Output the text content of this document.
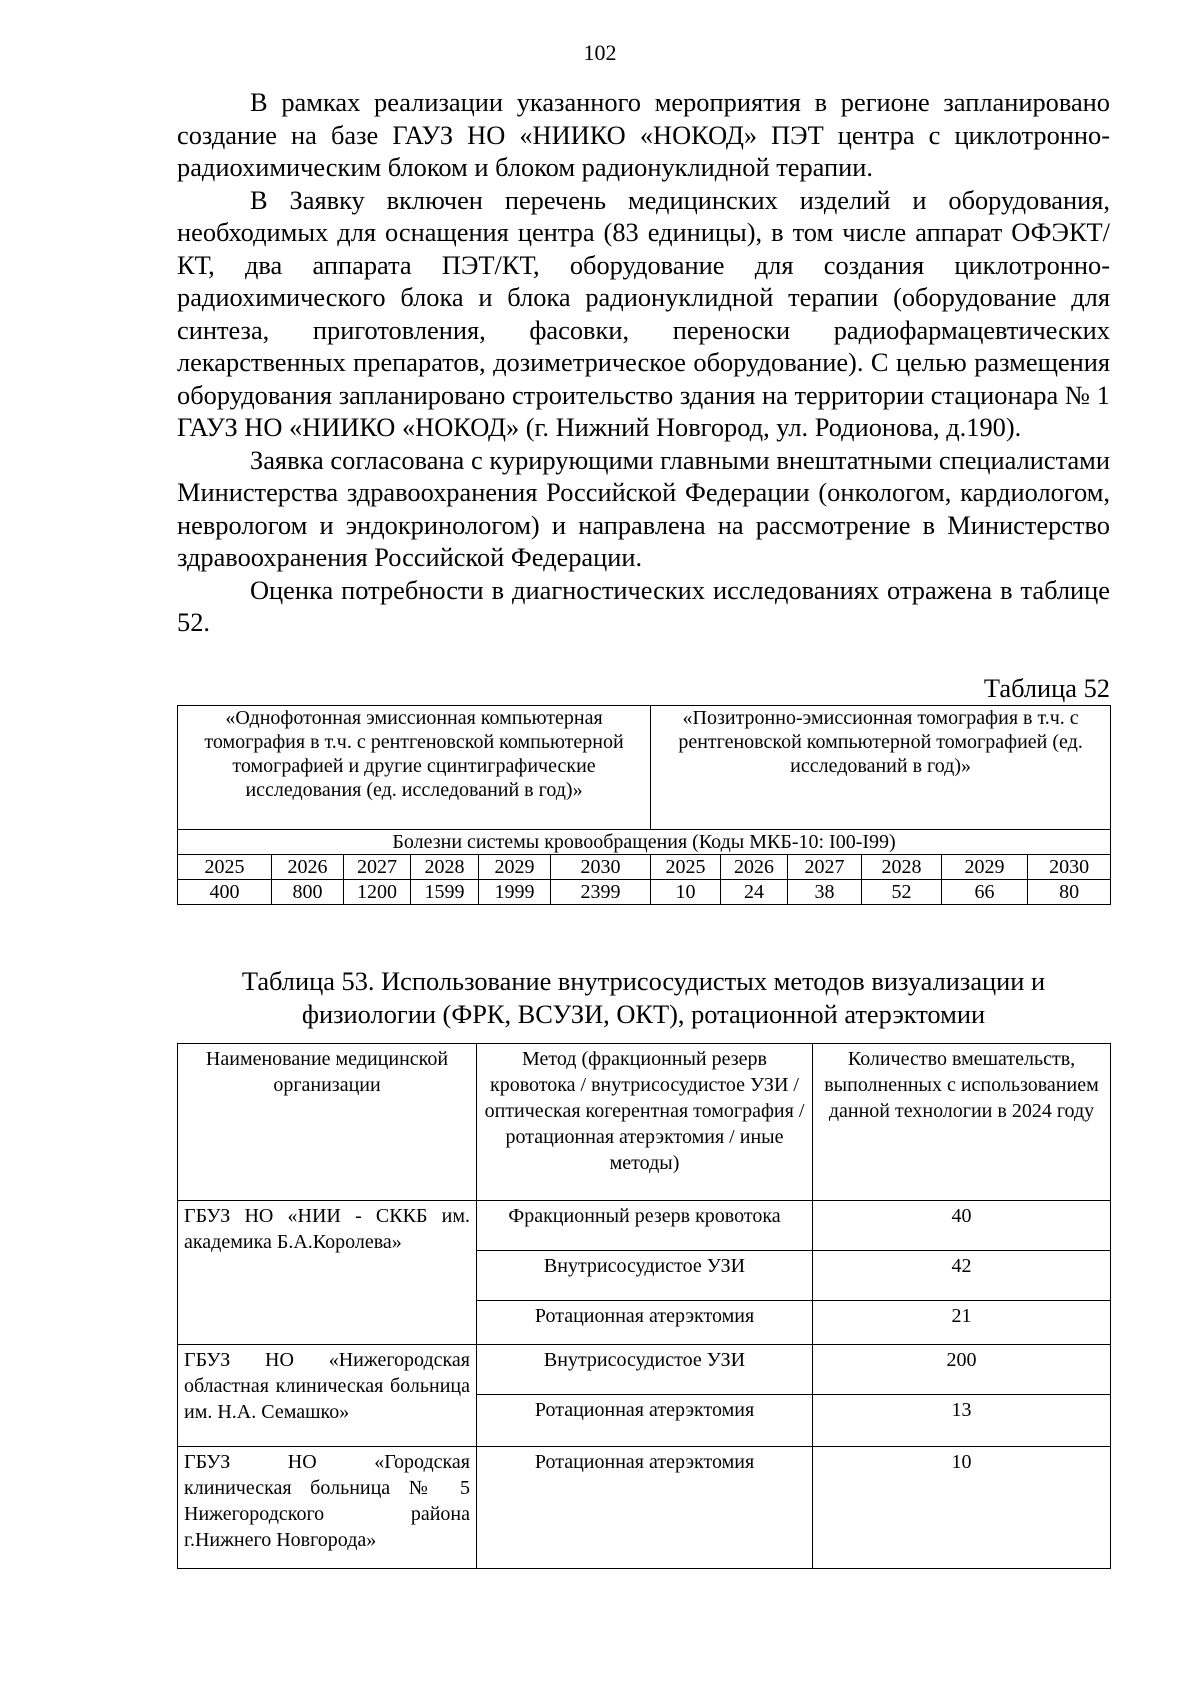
102

В рамках реализации указанного мероприятия в регионе запланировано создание на базе ГАУЗ НО «НИИКО «НОКОД» ПЭТ центра с циклотронно-радиохимическим блоком и блоком радионуклидной терапии.

В Заявку включен перечень медицинских изделий и оборудования, необходимых для оснащения центра (83 единицы), в том числе аппарат ОФЭКТ/КТ, два аппарата ПЭТ/КТ, оборудование для создания циклотронно-радиохимического блока и блока радионуклидной терапии (оборудование для синтеза, приготовления, фасовки, переноски радиофармацевтических лекарственных препаратов, дозиметрическое оборудование). С целью размещения оборудования запланировано строительство здания на территории стационара № 1 ГАУЗ НО «НИИКО «НОКОД» (г. Нижний Новгород, ул. Родионова, д.190).

Заявка согласована с курирующими главными внештатными специалистами Министерства здравоохранения Российской Федерации (онкологом, кардиологом, неврологом и эндокринологом) и направлена на рассмотрение в Министерство здравоохранения Российской Федерации.

Оценка потребности в диагностических исследованиях отражена в таблице 52.

Таблица 52
«Однофотонная эмиссионная компьютерная томография в т.ч. с рентгеновской компьютерной томографией и другие сцинтиграфические исследования (ед. исследований в год)»						«Позитронно-эмиссионная томография в т.ч. с рентгеновской компьютерной томографией (ед. исследований в год)»					
Болезни системы кровообращения (Коды МКБ-10: I00-I99)											
2025	2026	2027	2028	2029	2030	2025	2026	2027	2028	2029	2030
400	800	1200	1599	1999	2399	10	24	38	52	66	80
Таблица 53. Использование внутрисосудистых методов визуализации и физиологии (ФРК, ВСУЗИ, ОКТ), ротационной атерэктомии
Наименование медицинской организации	Метод (фракционный резерв кровотока / внутрисосудистое УЗИ / оптическая когерентная томография / ротационная атерэктомия / иные методы)	Количество вмешательств, выполненных с использованием данной технологии в 2024 году
ГБУЗ НО «НИИ - СККБ им. академика Б.А.Королева»	Фракционный резерв кровотока	40
	Внутрисосудистое УЗИ	42
	Ротационная атерэктомия	21
ГБУЗ НО «Нижегородская областная клиническая больница им. Н.А. Семашко»	Внутрисосудистое УЗИ	200
	Ротационная атерэктомия	13
ГБУЗ НО «Городская клиническая больница № 5 Нижегородского района г.Нижнего Новгорода»	Ротационная атерэктомия	10
